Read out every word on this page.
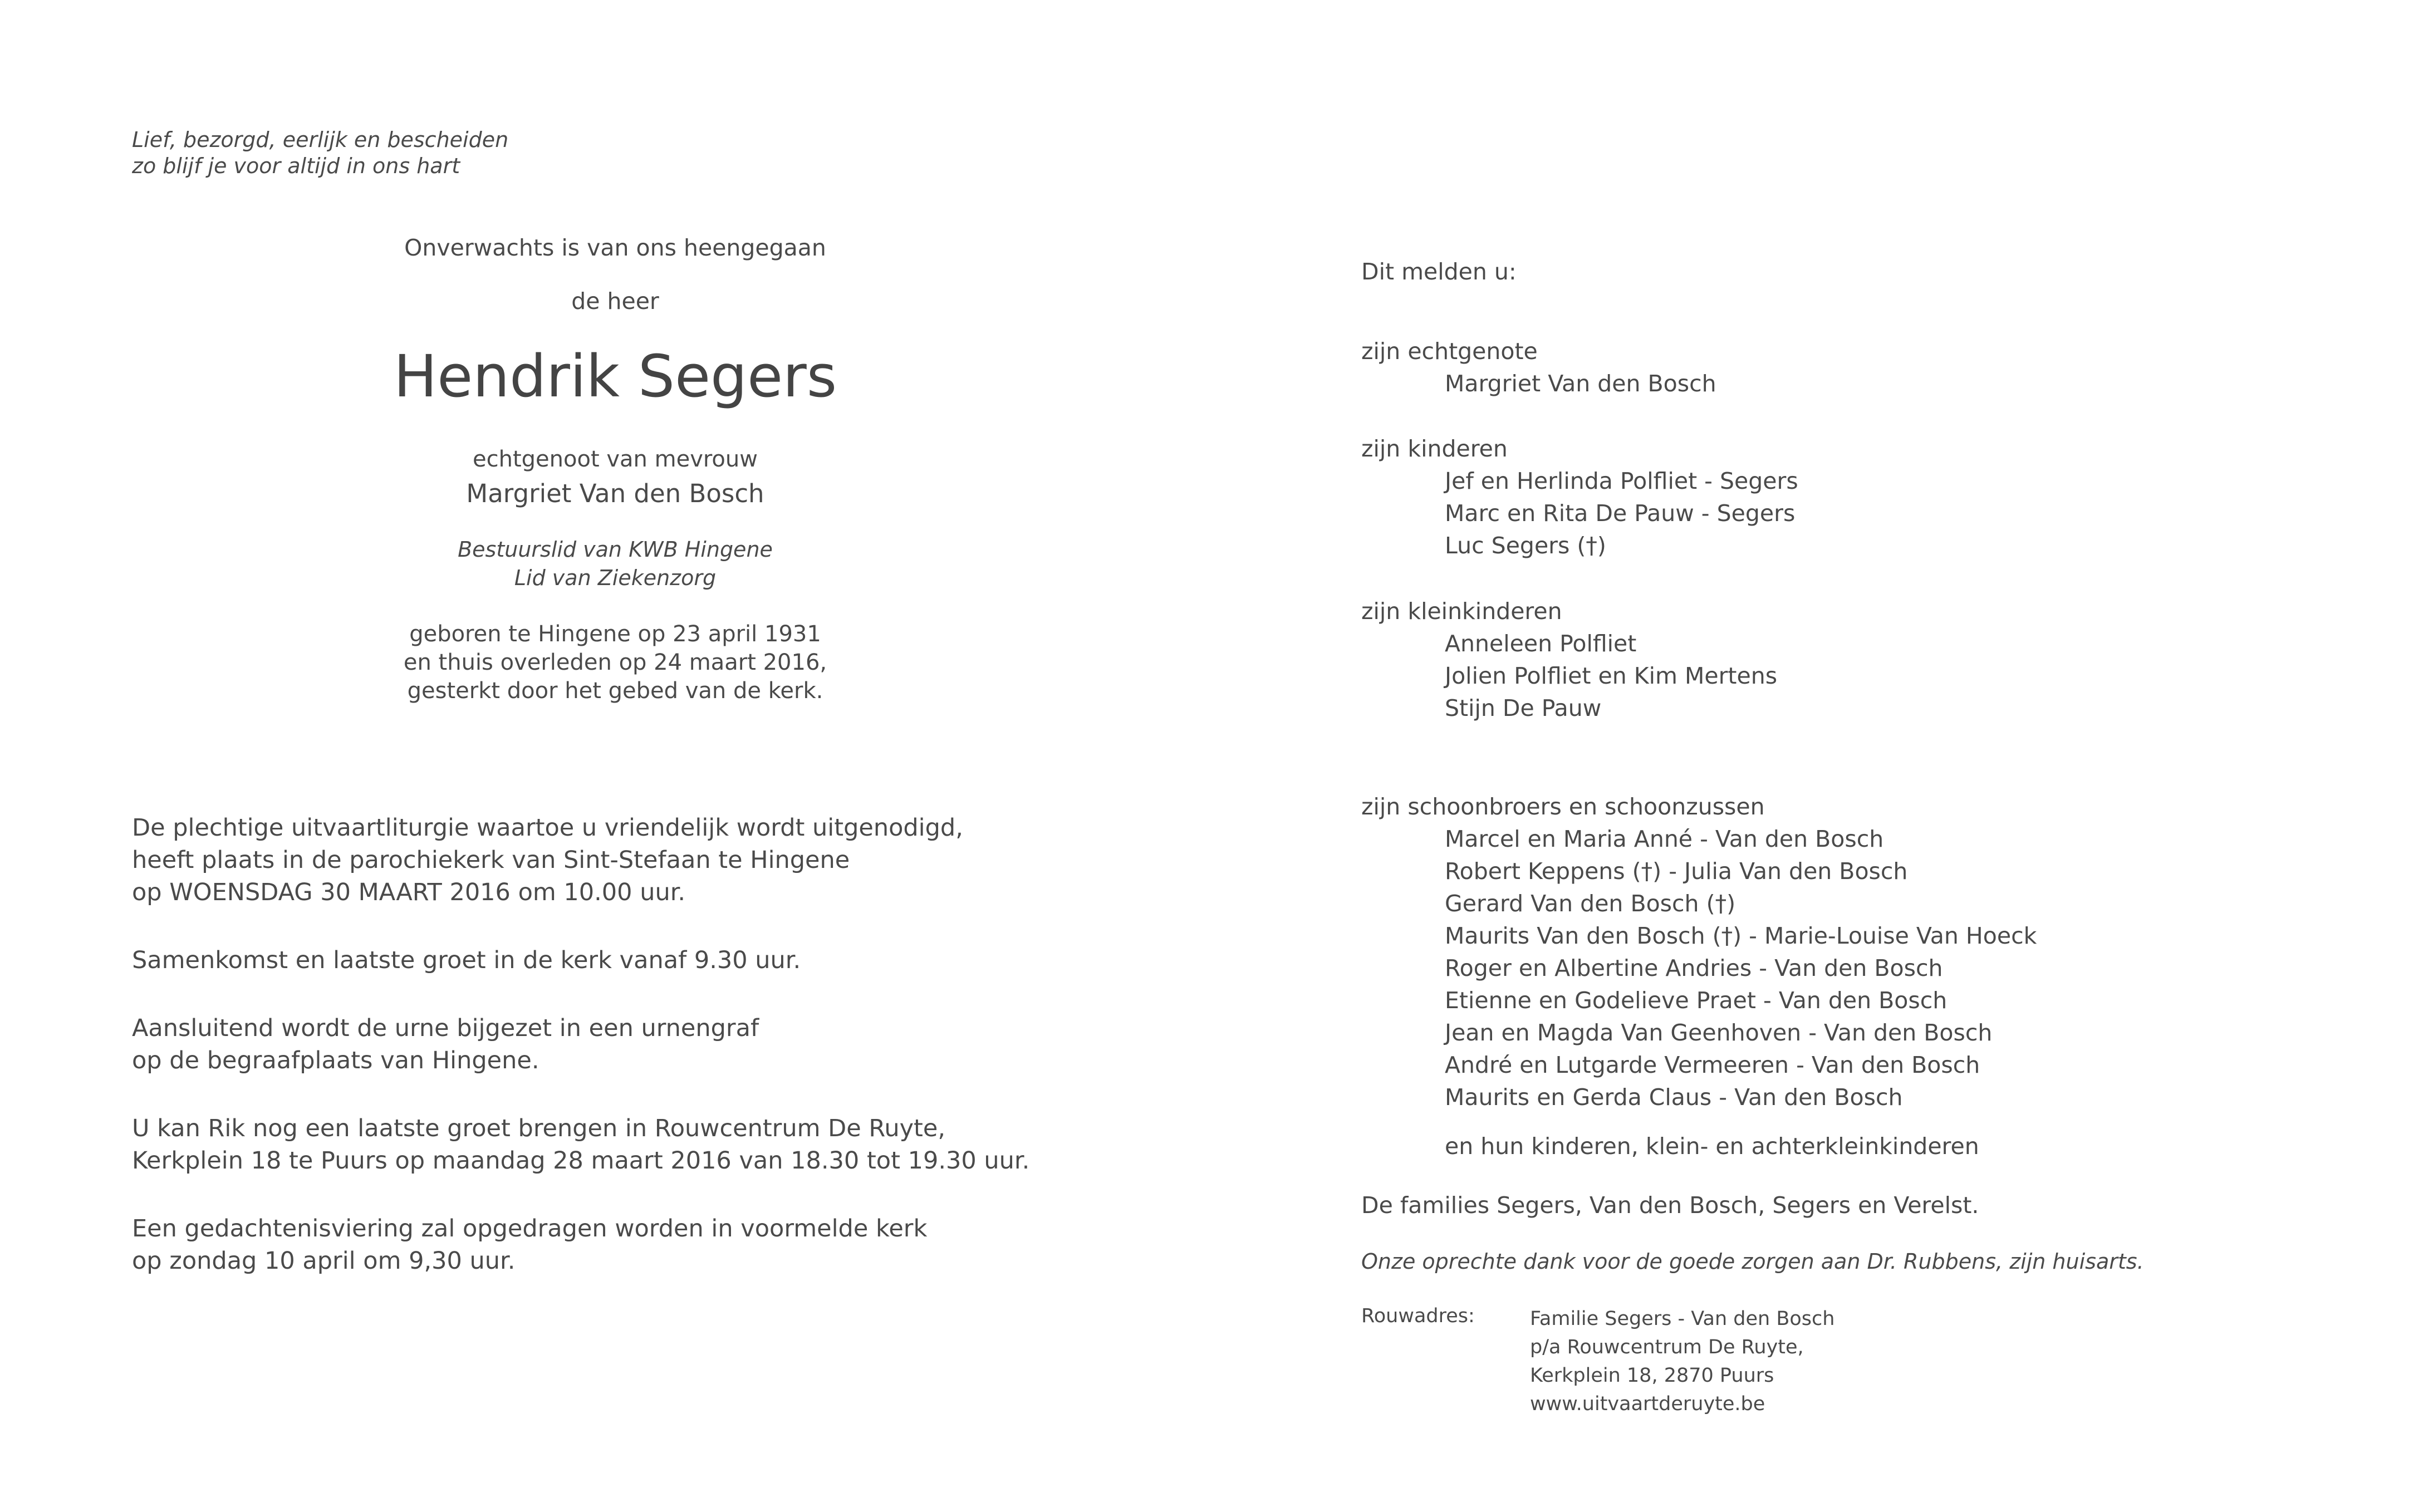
Lief, bezorgd, eerlijk en bescheiden
zo blijf je voor altijd in ons hart

Onverwachts is van ons heengegaan

de heer

Hendrik Segers

echtgenoot van mevrouw

Margriet Van den Bosch

Bestuurslid van KWB Hingene
Lid van Ziekenzorg
geboren te Hingene op 23 april 1931
en thuis overleden op 24 maart 2016,
gesterkt door het gebed van de kerk.
De plechtige uitvaartliturgie waartoe u vriendelijk wordt uitgenodigd,
heeft plaats in de parochiekerk van Sint-Stefaan te Hingene
op WOENSDAG 30 MAART 2016 om 10.00 uur.
Samenkomst en laatste groet in de kerk vanaf 9.30 uur.
Aansluitend wordt de urne bijgezet in een urnengraf
op de begraafplaats van Hingene.
U kan Rik nog een laatste groet brengen in Rouwcentrum De Ruyte,
Kerkplein 18 te Puurs op maandag 28 maart 2016 van 18.30 tot 19.30 uur.
Een gedachtenisviering zal opgedragen worden in voormelde kerk
op zondag 10 april om 9,30 uur.

Dit melden u:

zijn echtgenote
Margriet Van den Bosch
zijn kinderen
Jef en Herlinda Polfliet - Segers
Marc en Rita De Pauw - Segers
Luc Segers (†)
zijn kleinkinderen
Anneleen Polfliet
Jolien Polfliet en Kim Mertens
Stijn De Pauw
zijn schoonbroers en schoonzussen
Marcel en Maria Anné - Van den Bosch
Robert Keppens (†) - Julia Van den Bosch
Gerard Van den Bosch (†)
Maurits Van den Bosch (†) - Marie-Louise Van Hoeck
Roger en Albertine Andries - Van den Bosch
Etienne en Godelieve Praet - Van den Bosch
Jean en Magda Van Geenhoven - Van den Bosch
André en Lutgarde Vermeeren - Van den Bosch
Maurits en Gerda Claus - Van den Bosch

en hun kinderen, klein- en achterkleinkinderen

De families Segers, Van den Bosch, Segers en Verelst.

Onze oprechte dank voor de goede zorgen aan Dr. Rubbens, zijn huisarts.

Rouwadres:	Familie Segers - Van den Bosch
p/a Rouwcentrum De Ruyte,
Kerkplein 18, 2870 Puurs
www.uitvaartderuyte.be
